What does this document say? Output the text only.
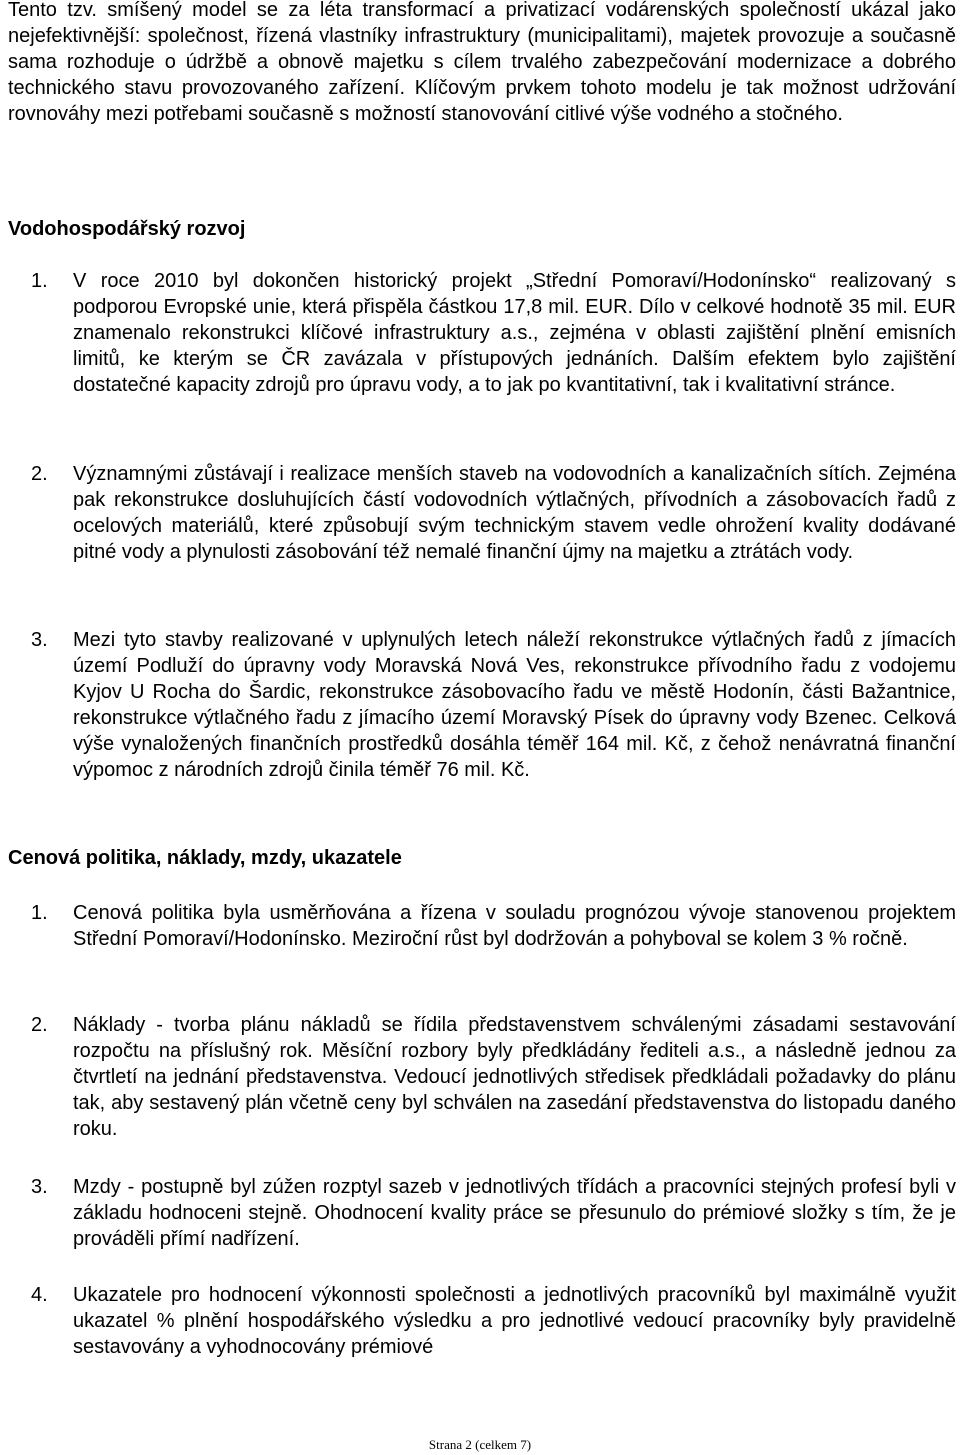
Tento tzv. smíšený model se za léta transformací a privatizací vodárenských společností ukázal jako nejefektivnější: společnost, řízená vlastníky infrastruktury (municipalitami), majetek provozuje a současně sama rozhoduje o údržbě a obnově majetku s cílem trvalého zabezpečování modernizace a dobrého technického stavu provozovaného zařízení. Klíčovým prvkem tohoto modelu je tak možnost udržování rovnováhy mezi potřebami současně s možností stanovování citlivé výše vodného a stočného.
Vodohospodářský rozvoj
1. V roce 2010 byl dokončen historický projekt „Střední Pomoraví/Hodonínsko“ realizovaný s podporou Evropské unie, která přispěla částkou 17,8 mil. EUR. Dílo v celkové hodnotě 35 mil. EUR znamenalo rekonstrukci klíčové infrastruktury a.s., zejména v oblasti zajištění plnění emisních limitů, ke kterým se ČR zavázala v přístupových jednáních. Dalším efektem bylo zajištění dostatečné kapacity zdrojů pro úpravu vody, a to jak po kvantitativní, tak i kvalitativní stránce.
2. Významnými zůstávají i realizace menších staveb na vodovodních a kanalizačních sítích. Zejména pak rekonstrukce dosluhujících částí vodovodních výtlačných, přívodních a zásobovacích řadů z ocelových materiálů, které způsobují svým technickým stavem vedle ohrožení kvality dodávané pitné vody a plynulosti zásobování též nemalé finanční újmy na majetku a ztrátách vody.
3. Mezi tyto stavby realizované v uplynulých letech náleží rekonstrukce výtlačných řadů z jímacích území Podluží do úpravny vody Moravská Nová Ves, rekonstrukce přívodního řadu z vodojemu Kyjov U Rocha do Šardic, rekonstrukce zásobovacího řadu ve městě Hodonín, části Bažantnice, rekonstrukce výtlačného řadu z jímacího území Moravský Písek do úpravny vody Bzenec. Celková výše vynaložených finančních prostředků dosáhla téměř 164 mil. Kč, z čehož nenávratná finanční výpomoc z národních zdrojů činila téměř 76 mil. Kč.
Cenová politika, náklady, mzdy, ukazatele
1. Cenová politika byla usměrňována a řízena v souladu prognózou vývoje stanovenou projektem Střední Pomoraví/Hodonínsko. Meziroční růst byl dodržován a pohyboval se kolem 3 % ročně.
2. Náklady - tvorba plánu nákladů se řídila představenstvem schválenými zásadami sestavování rozpočtu na příslušný rok. Měsíční rozbory byly předkládány řediteli a.s., a následně jednou za čtvrtletí na jednání představenstva. Vedoucí jednotlivých středisek předkládali požadavky do plánu tak, aby sestavený plán včetně ceny byl schválen na zasedání představenstva do listopadu daného roku.
3. Mzdy - postupně byl zúžen rozptyl sazeb v jednotlivých třídách a pracovníci stejných profesí byli v základu hodnoceni stejně. Ohodnocení kvality práce se přesunulo do prémiové složky s tím, že je prováděli přímí nadřízení.
4. Ukazatele pro hodnocení výkonnosti společnosti a jednotlivých pracovníků byl maximálně využit ukazatel % plnění hospodářského výsledku a pro jednotlivé vedoucí pracovníky byly pravidelně sestavovány a vyhodnocovány prémiové
Strana 2 (celkem 7)
